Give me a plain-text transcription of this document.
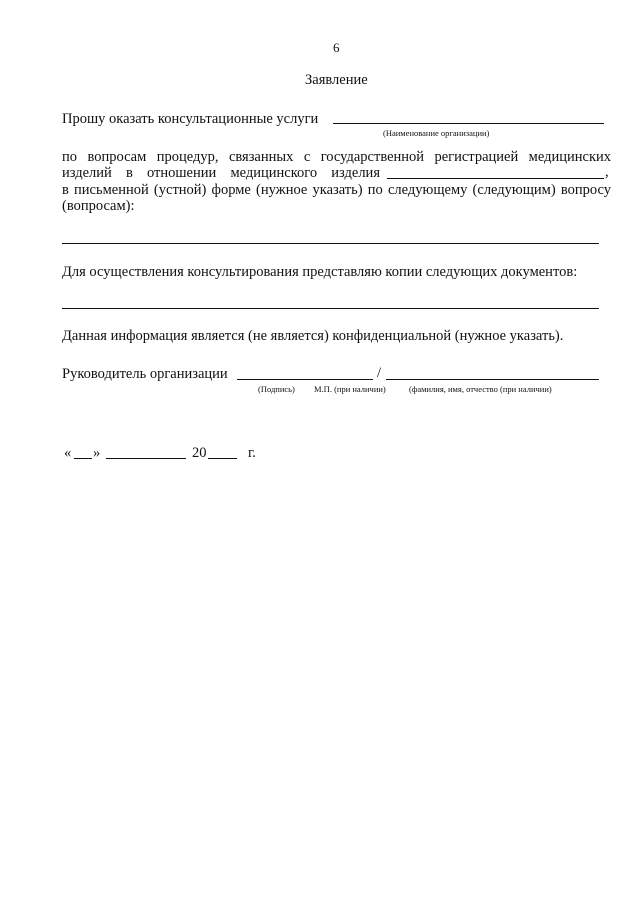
6
Заявление
Прошу оказать консультационные услуги
(Наименование организации)
по вопросам процедур, связанных с государственной регистрацией медицинских
изделий в отношении медицинского изделия	,
в письменной (устной) форме (нужное указать) по следующему (следующим) вопросу
(вопросам):
Для осуществления консультирования представляю копии следующих документов:
Данная информация является (не является) конфиденциальной (нужное указать).
Руководитель организации	/
(Подпись) М.П. (при наличии)	(фамилия, имя, отчество (при наличии)
« »	20	г.
